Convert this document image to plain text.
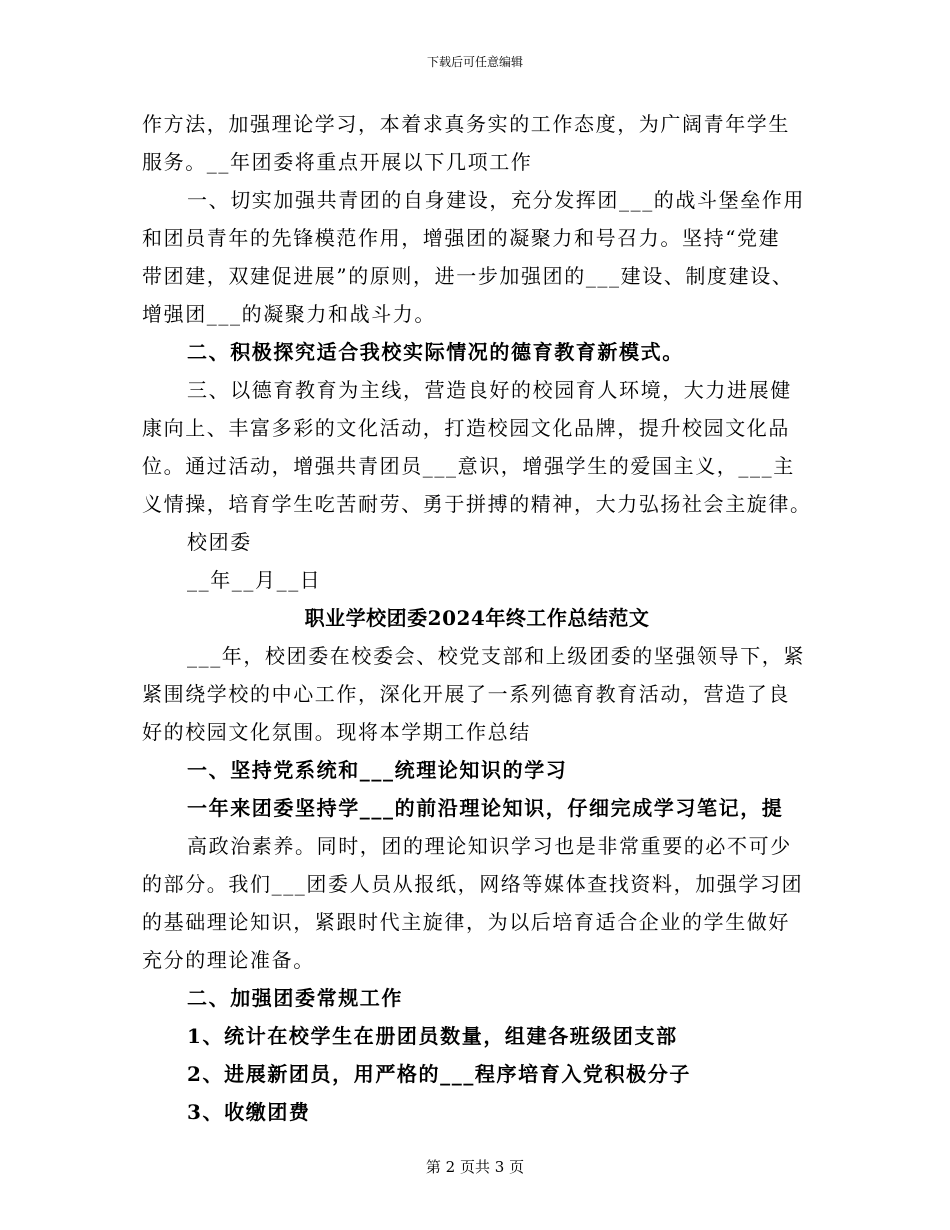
下载后可任意编辑
作方法，加强理论学习，本着求真务实的工作态度，为广阔青年学生
服务。__年团委将重点开展以下几项工作
一、切实加强共青团的自身建设，充分发挥团___的战斗堡垒作用
和团员青年的先锋模范作用，增强团的凝聚力和号召力。坚持“党建
带团建，双建促进展”的原则，进一步加强团的___建设、制度建设、
增强团___的凝聚力和战斗力。
二、积极探究适合我校实际情况的德育教育新模式。
三、以德育教育为主线，营造良好的校园育人环境，大力进展健
康向上、丰富多彩的文化活动，打造校园文化品牌，提升校园文化品
位。通过活动，增强共青团员___意识，增强学生的爱国主义，___主
义情操，培育学生吃苦耐劳、勇于拼搏的精神，大力弘扬社会主旋律。
校团委
__年__月__日
职业学校团委2024年终工作总结范文
___年，校团委在校委会、校党支部和上级团委的坚强领导下，紧
紧围绕学校的中心工作，深化开展了一系列德育教育活动，营造了良
好的校园文化氛围。现将本学期工作总结
一、坚持党系统和___统理论知识的学习
一年来团委坚持学___的前沿理论知识，仔细完成学习笔记，提
高政治素养。同时，团的理论知识学习也是非常重要的必不可少
的部分。我们___团委人员从报纸，网络等媒体查找资料，加强学习团
的基础理论知识，紧跟时代主旋律，为以后培育适合企业的学生做好
充分的理论准备。
二、加强团委常规工作
1、统计在校学生在册团员数量，组建各班级团支部
2、进展新团员，用严格的___程序培育入党积极分子
3、收缴团费
第 2 页共 3 页
